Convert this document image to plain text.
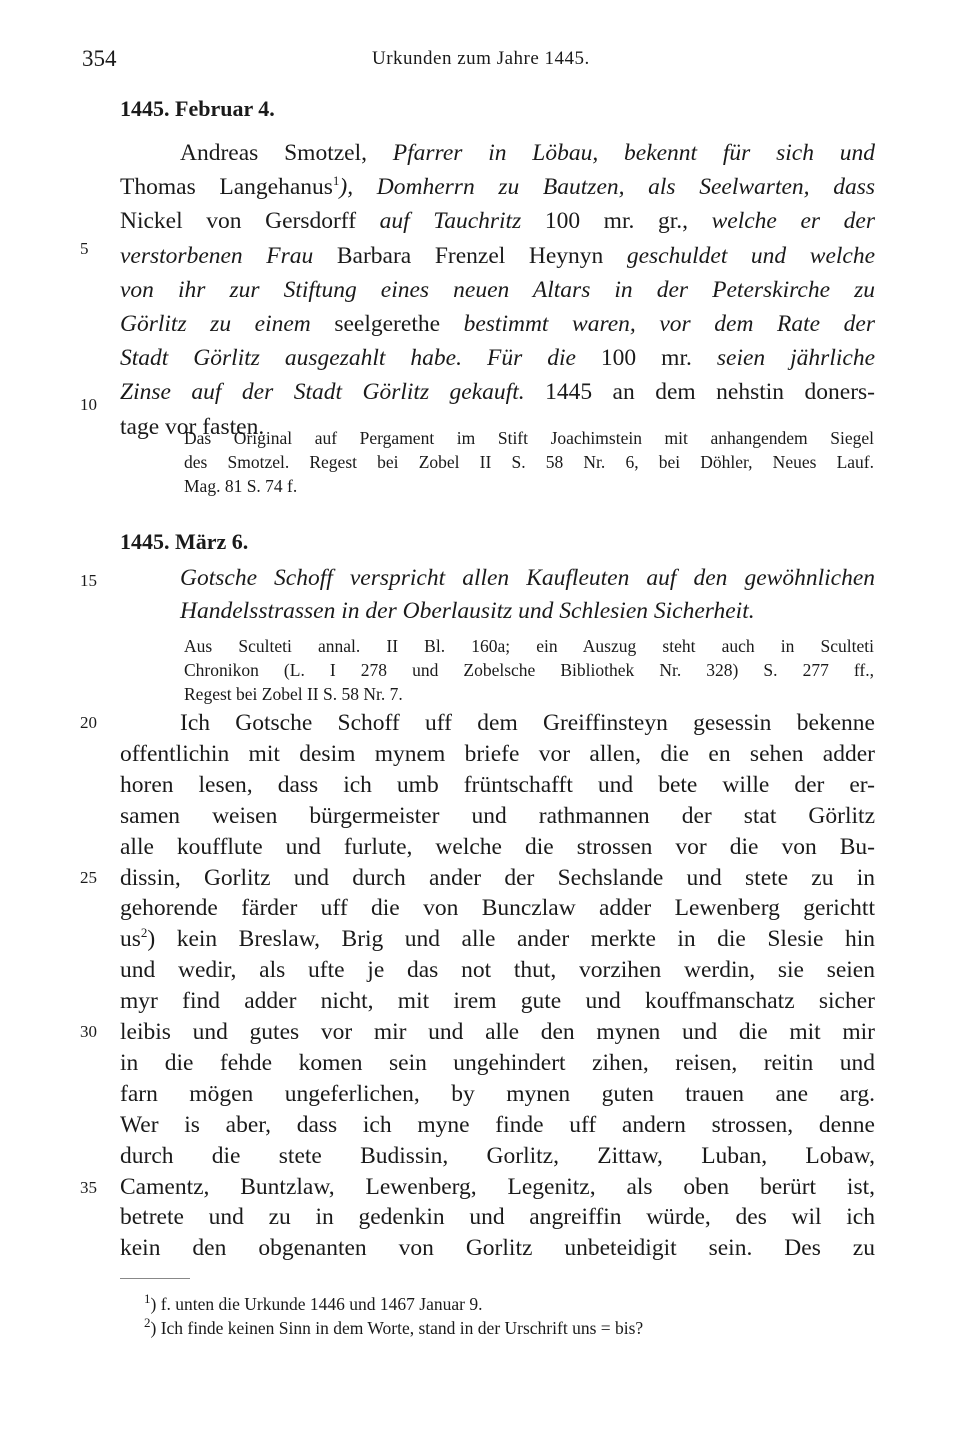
354	Urkunden zum Jahre 1445.
1445. Februar 4.
Andreas Smotzel, Pfarrer in Löbau, bekennt für sich und
Thomas Langehanus$^1$), Domherrn zu Bautzen, als Seelwarten, dass
Nickel von Gersdorff auf Tauchritz 100 mr. gr., welche er der
verstorbenen Frau Barbara Frenzel Heynyn geschuldet und welche
von ihr zur Stiftung eines neuen Altars in der Peterskirche zu
Görlitz zu einem seelgerethe bestimmt waren, vor dem Rate der
Stadt Görlitz ausgezahlt habe. Für die 100 mr. seien jährliche
Zinse auf der Stadt Görlitz gekauft. 1445 an dem nehstin doners-
tage vor fasten.
Das Original auf Pergament im Stift Joachimstein mit anhangendem Siegel
des Smotzel. Regest bei Zobel II S. 58 Nr. 6, bei Döhler, Neues Lauf.
Mag. 81 S. 74 f.
1445. März 6.
Gotsche Schoff verspricht allen Kaufleuten auf den gewöhnlichen
Handelsstrassen in der Oberlausitz und Schlesien Sicherheit.
Aus Sculteti annal. II Bl. 160a; ein Auszug steht auch in Sculteti
Chronikon (L. I 278 und Zobelsche Bibliothek Nr. 328) S. 277 ff.,
Regest bei Zobel II S. 58 Nr. 7.
Ich Gotsche Schoff uff dem Greiffinsteyn gesessin bekenne
offentlichin mit desim mynem briefe vor allen, die en sehen adder
horen lesen, dass ich umb früntschafft und bete wille der er-
samen weisen bürgermeister und rathmannen der stat Görlitz
alle koufflute und furlute, welche die strossen vor die von Bu-
dissin, Gorlitz und durch ander der Sechslande und stete zu in
gehorende färder uff die von Bunczlaw adder Lewenberg gerichtt
$us^2$) kein Breslaw, Brig und alle ander merkte in die Slesie hin
und wedir, als ufte je das not thut, vorzihen werdin, sie seien
myr find adder nicht, mit irem gute und kouffmanschatz sicher
leibis und gutes vor mir und alle den mynen und die mit mir
in die fehde komen sein ungehindert zihen, reisen, reitin und
farn mögen ungeferlichen, by mynen guten trauen ane arg.
Wer is aber, dass ich myne finde uff andern strossen, denne
durch die stete Budissin, Gorlitz, Zittaw, Luban, Lobaw,
Camentz, Buntzlaw, Lewenberg, Legenitz, als oben berürt ist,
betrete und zu in gedenkin und angreiffin würde, des wil ich
kein den obgenanten von Gorlitz unbeteidigit sein. Des zu
5
10
15
20
25
30
35
$^1$) f. unten die Urkunde 1446 und 1467 Januar 9.
$^2$) Ich finde keinen Sinn in dem Worte, stand in der Urschrift uns = bis?
